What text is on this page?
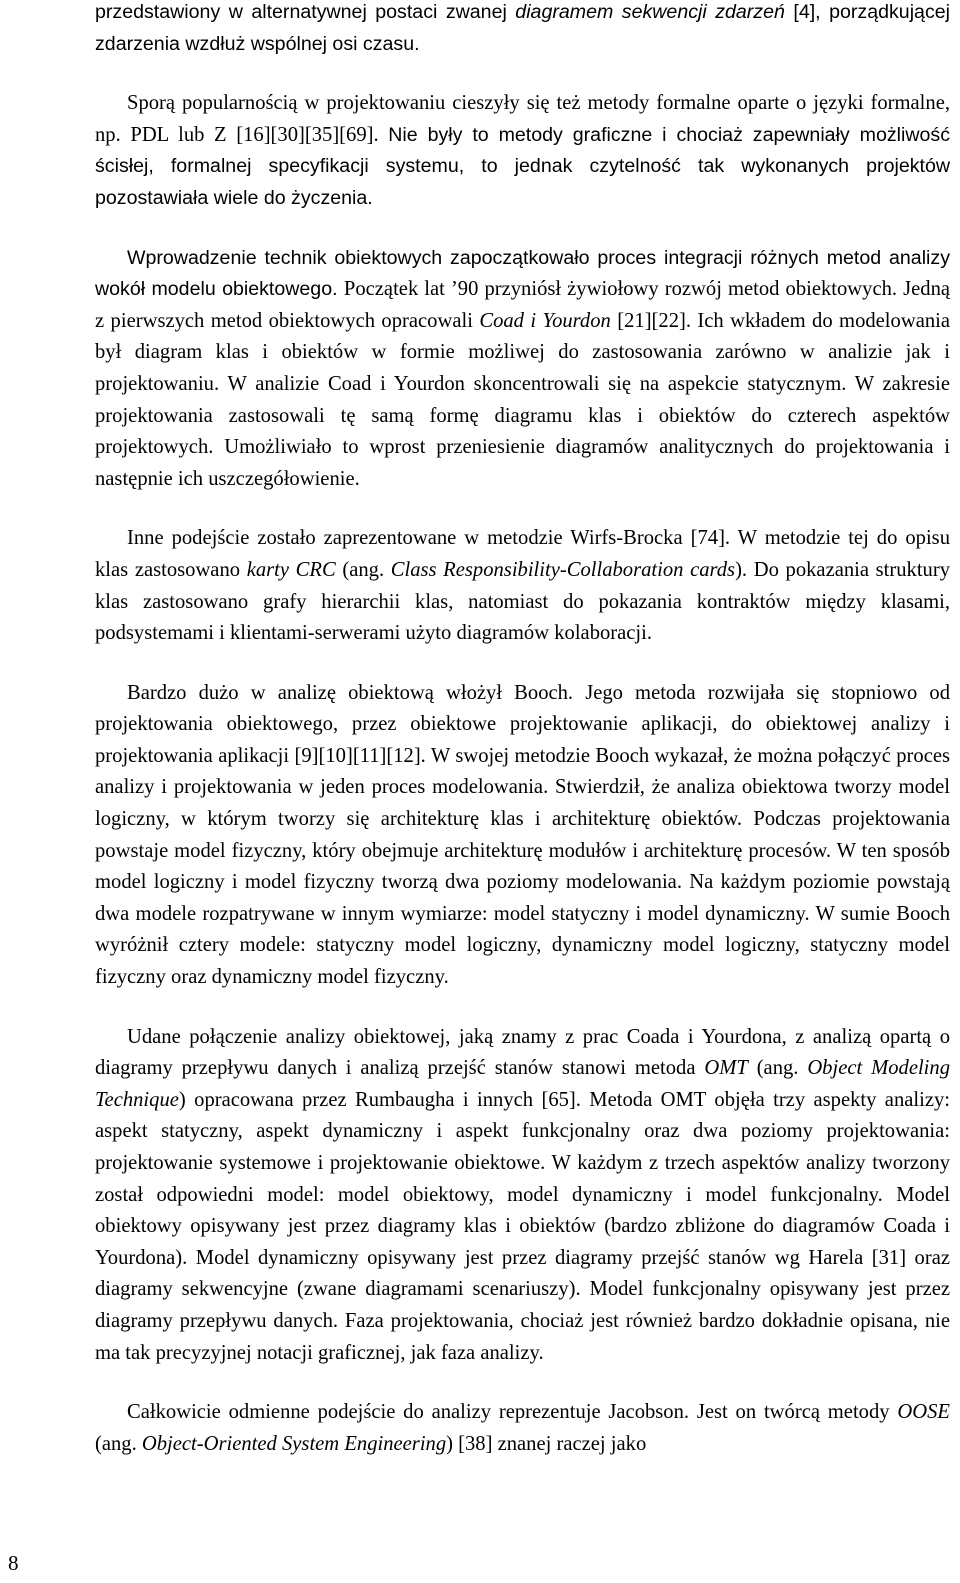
przedstawiony w alternatywnej postaci zwanej diagramem sekwencji zdarzeń [4], porządkującej zdarzenia wzdłuż wspólnej osi czasu.

Sporą popularnością w projektowaniu cieszyły się też metody formalne oparte o języki formalne, np. PDL lub Z [16][30][35][69]. Nie były to metody graficzne i chociaż zapewniały możliwość ścisłej, formalnej specyfikacji systemu, to jednak czytelność tak wykonanych projektów pozostawiała wiele do życzenia.

Wprowadzenie technik obiektowych zapoczątkowało proces integracji różnych metod analizy wokół modelu obiektowego. Początek lat ’90 przyniósł żywiołowy rozwój metod obiektowych. Jedną z pierwszych metod obiektowych opracowali Coad i Yourdon [21][22]. Ich wkładem do modelowania był diagram klas i obiektów w formie możliwej do zastosowania zarówno w analizie jak i projektowaniu. W analizie Coad i Yourdon skoncentrowali się na aspekcie statycznym. W zakresie projektowania zastosowali tę samą formę diagramu klas i obiektów do czterech aspektów projektowych. Umożliwiało to wprost przeniesienie diagramów analitycznych do projektowania i następnie ich uszczegółowienie.

Inne podejście zostało zaprezentowane w metodzie Wirfs-Brocka [74]. W metodzie tej do opisu klas zastosowano karty CRC (ang. Class Responsibility-Collaboration cards). Do pokazania struktury klas zastosowano grafy hierarchii klas, natomiast do pokazania kontraktów między klasami, podsystemami i klientami-serwerami użyto diagramów kolaboracji.

Bardzo dużo w analizę obiektową włożył Booch. Jego metoda rozwijała się stopniowo od projektowania obiektowego, przez obiektowe projektowanie aplikacji, do obiektowej analizy i projektowania aplikacji [9][10][11][12]. W swojej metodzie Booch wykazał, że można połączyć proces analizy i projektowania w jeden proces modelowania. Stwierdził, że analiza obiektowa tworzy model logiczny, w którym tworzy się architekturę klas i architekturę obiektów. Podczas projektowania powstaje model fizyczny, który obejmuje architekturę modułów i architekturę procesów. W ten sposób model logiczny i model fizyczny tworzą dwa poziomy modelowania. Na każdym poziomie powstają dwa modele rozpatrywane w innym wymiarze: model statyczny i model dynamiczny. W sumie Booch wyróżnił cztery modele: statyczny model logiczny, dynamiczny model logiczny, statyczny model fizyczny oraz dynamiczny model fizyczny.

Udane połączenie analizy obiektowej, jaką znamy z prac Coada i Yourdona, z analizą opartą o diagramy przepływu danych i analizą przejść stanów stanowi metoda OMT (ang. Object Modeling Technique) opracowana przez Rumbaugha i innych [65]. Metoda OMT objęła trzy aspekty analizy: aspekt statyczny, aspekt dynamiczny i aspekt funkcjonalny oraz dwa poziomy projektowania: projektowanie systemowe i projektowanie obiektowe. W każdym z trzech aspektów analizy tworzony został odpowiedni model: model obiektowy, model dynamiczny i model funkcjonalny. Model obiektowy opisywany jest przez diagramy klas i obiektów (bardzo zbliżone do diagramów Coada i Yourdona). Model dynamiczny opisywany jest przez diagramy przejść stanów wg Harela [31] oraz diagramy sekwencyjne (zwane diagramami scenariuszy). Model funkcjonalny opisywany jest przez diagramy przepływu danych. Faza projektowania, chociaż jest również bardzo dokładnie opisana, nie ma tak precyzyjnej notacji graficznej, jak faza analizy.

Całkowicie odmienne podejście do analizy reprezentuje Jacobson. Jest on twórcą metody OOSE (ang. Object-Oriented System Engineering) [38] znanej raczej jako

8
